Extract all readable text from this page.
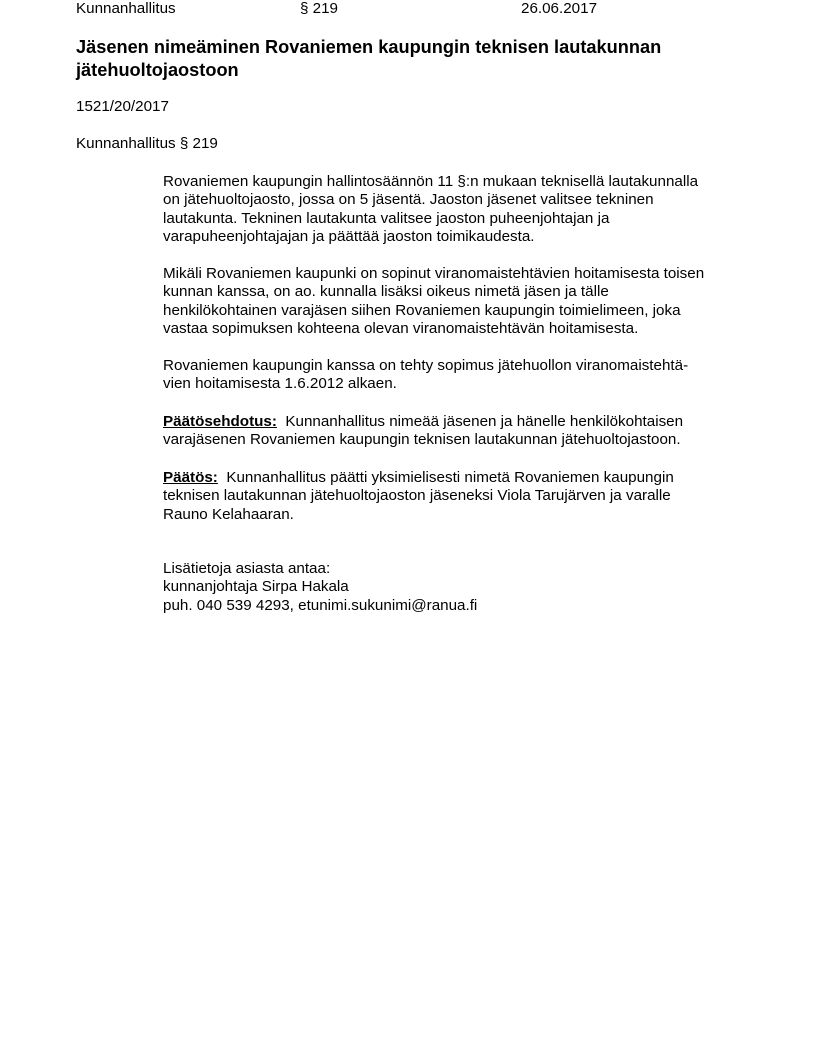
Kunnanhallitus	§ 219	26.06.2017
Jäsenen nimeäminen Rovaniemen kaupungin teknisen lautakunnan
jätehuoltojaostoon
1521/20/2017
Kunnanhallitus § 219
Rovaniemen kaupungin hallintosäännön 11 §:n mukaan teknisellä lautakunnalla
on jätehuoltojaosto, jossa on 5 jäsentä. Jaoston jäsenet valitsee tekninen
lautakunta. Tekninen lautakunta valitsee jaoston puheenjohtajan ja
varapuheenjohtajajan ja päättää jaoston toimikaudesta.
Mikäli Rovaniemen kaupunki on sopinut viranomaistehtävien hoitamisesta toisen
kunnan kanssa, on ao. kunnalla lisäksi oikeus nimetä jäsen ja tälle
henkilökohtainen varajäsen siihen Rovaniemen kaupungin toimielimeen, joka
vastaa sopimuksen kohteena olevan viranomaistehtävän hoitamisesta.
Rovaniemen kaupungin kanssa on tehty sopimus jätehuollon viranomaistehtä-
vien hoitamisesta 1.6.2012 alkaen.
Päätösehdotus: Kunnanhallitus nimeää jäsenen ja hänelle henkilökohtaisen
varajäsenen Rovaniemen kaupungin teknisen lautakunnan jätehuoltojastoon.
Päätös: Kunnanhallitus päätti yksimielisesti nimetä Rovaniemen kaupungin
teknisen lautakunnan jätehuoltojaoston jäseneksi Viola Tarujärven ja varalle
Rauno Kelahaaran.
Lisätietoja asiasta antaa:
kunnanjohtaja Sirpa Hakala
puh. 040 539 4293, etunimi.sukunimi@ranua.fi
